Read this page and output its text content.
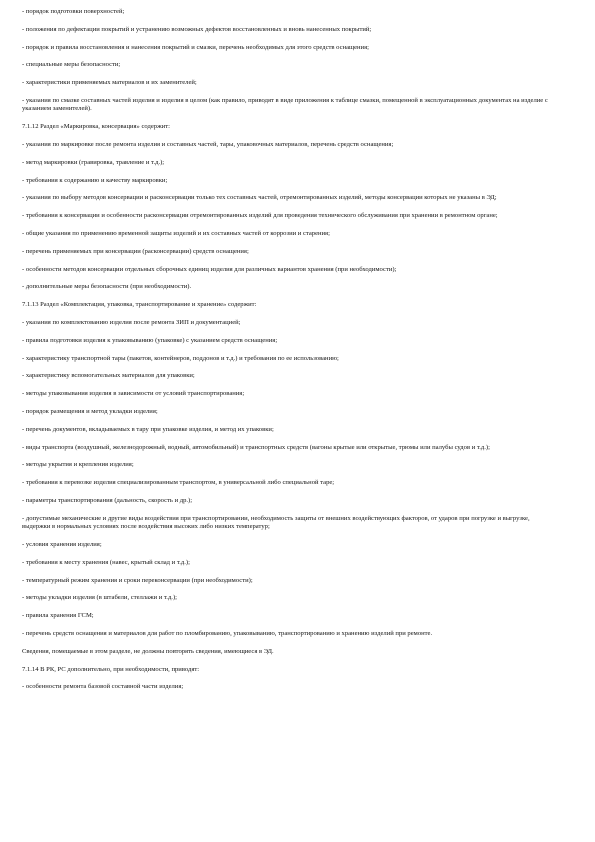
- порядок подготовки поверхностей;

- положения по дефектации покрытий и устранению возможных дефектов восстановленных и вновь нанесенных покрытий;

- порядок и правила восстановления и нанесения покрытий и смазки, перечень необходимых для этого средств оснащения;

- специальные меры безопасности;

- характеристики применяемых материалов и их заменителей;

- указания по смазке составных частей изделия и изделия в целом (как правило, приводят в виде приложения к таблице смазки, помещенной в эксплуатационных документах на изделие с указанием заменителей).

7.1.12 Раздел «Маркировка, консервация» содержит:

- указания по маркировке после ремонта изделия и составных частей, тары, упаковочных материалов, перечень средств оснащения;

- метод маркировки (гравировка, травление и т.д.);

- требования к содержанию и качеству маркировки;

- указания по выбору методов консервации и расконсервации только тех составных частей, отремонтированных изделий, методы консервации которых не указаны в ЭД;

- требования к консервации и особенности расконсервации отремонтированных изделий для проведения технического обслуживания при хранении в ремонтном органе;

- общие указания по применению временной защиты изделий и их составных частей от коррозии и старения;

- перечень применяемых при консервации (расконсервации) средств оснащения;

- особенности методов консервации отдельных сборочных единиц изделия для различных вариантов хранения (при необходимости);

- дополнительные меры безопасности (при необходимости).

7.1.13 Раздел «Комплектация, упаковка, транспортирование и хранение» содержит:

- указания по комплектованию изделия после ремонта ЗИП и документацией;

- правила подготовки изделия к упаковыванию (упаковке) с указанием средств оснащения;

- характеристику транспортной тары (пакетов, контейнеров, поддонов и т.д.) и требования по ее использованию;

- характеристику вспомогательных материалов для упаковки;

- методы упаковывания изделия в зависимости от условий транспортирования;

- порядок размещения и метод укладки изделия;

- перечень документов, вкладываемых в тару при упаковке изделия, и метод их упаковки;

- виды транспорта (воздушный, железнодорожный, водный, автомобильный) и транспортных средств (вагоны крытые или открытые, трюмы или палубы судов и т.д.);

- методы укрытия и крепления изделия;

- требования к перевозке изделия специализированным транспортом, в универсальной либо специальной таре;

- параметры транспортирования (дальность, скорость и др.);

- допустимые механические и другие виды воздействия при транспортировании, необходимость защиты от внешних воздействующих факторов, от ударов при погрузке и выгрузке, выдержки в нормальных условиях после воздействия высоких либо низких температур;

- условия хранения изделия;

- требования к месту хранения (навес, крытый склад и т.д.);

- температурный режим хранения и сроки переконсервации (при необходимости);

- методы укладки изделия (в штабели, стеллажи и т.д.);

- правила хранения ГСМ;

- перечень средств оснащения и материалов для работ по пломбированию, упаковыванию, транспортированию и хранению изделий при ремонте.

Сведения, помещаемые в этом разделе, не должны повторять сведения, имеющиеся в ЭД.

7.1.14 В РК, РС дополнительно, при необходимости, приводят:

- особенности ремонта базовой составной части изделия;
